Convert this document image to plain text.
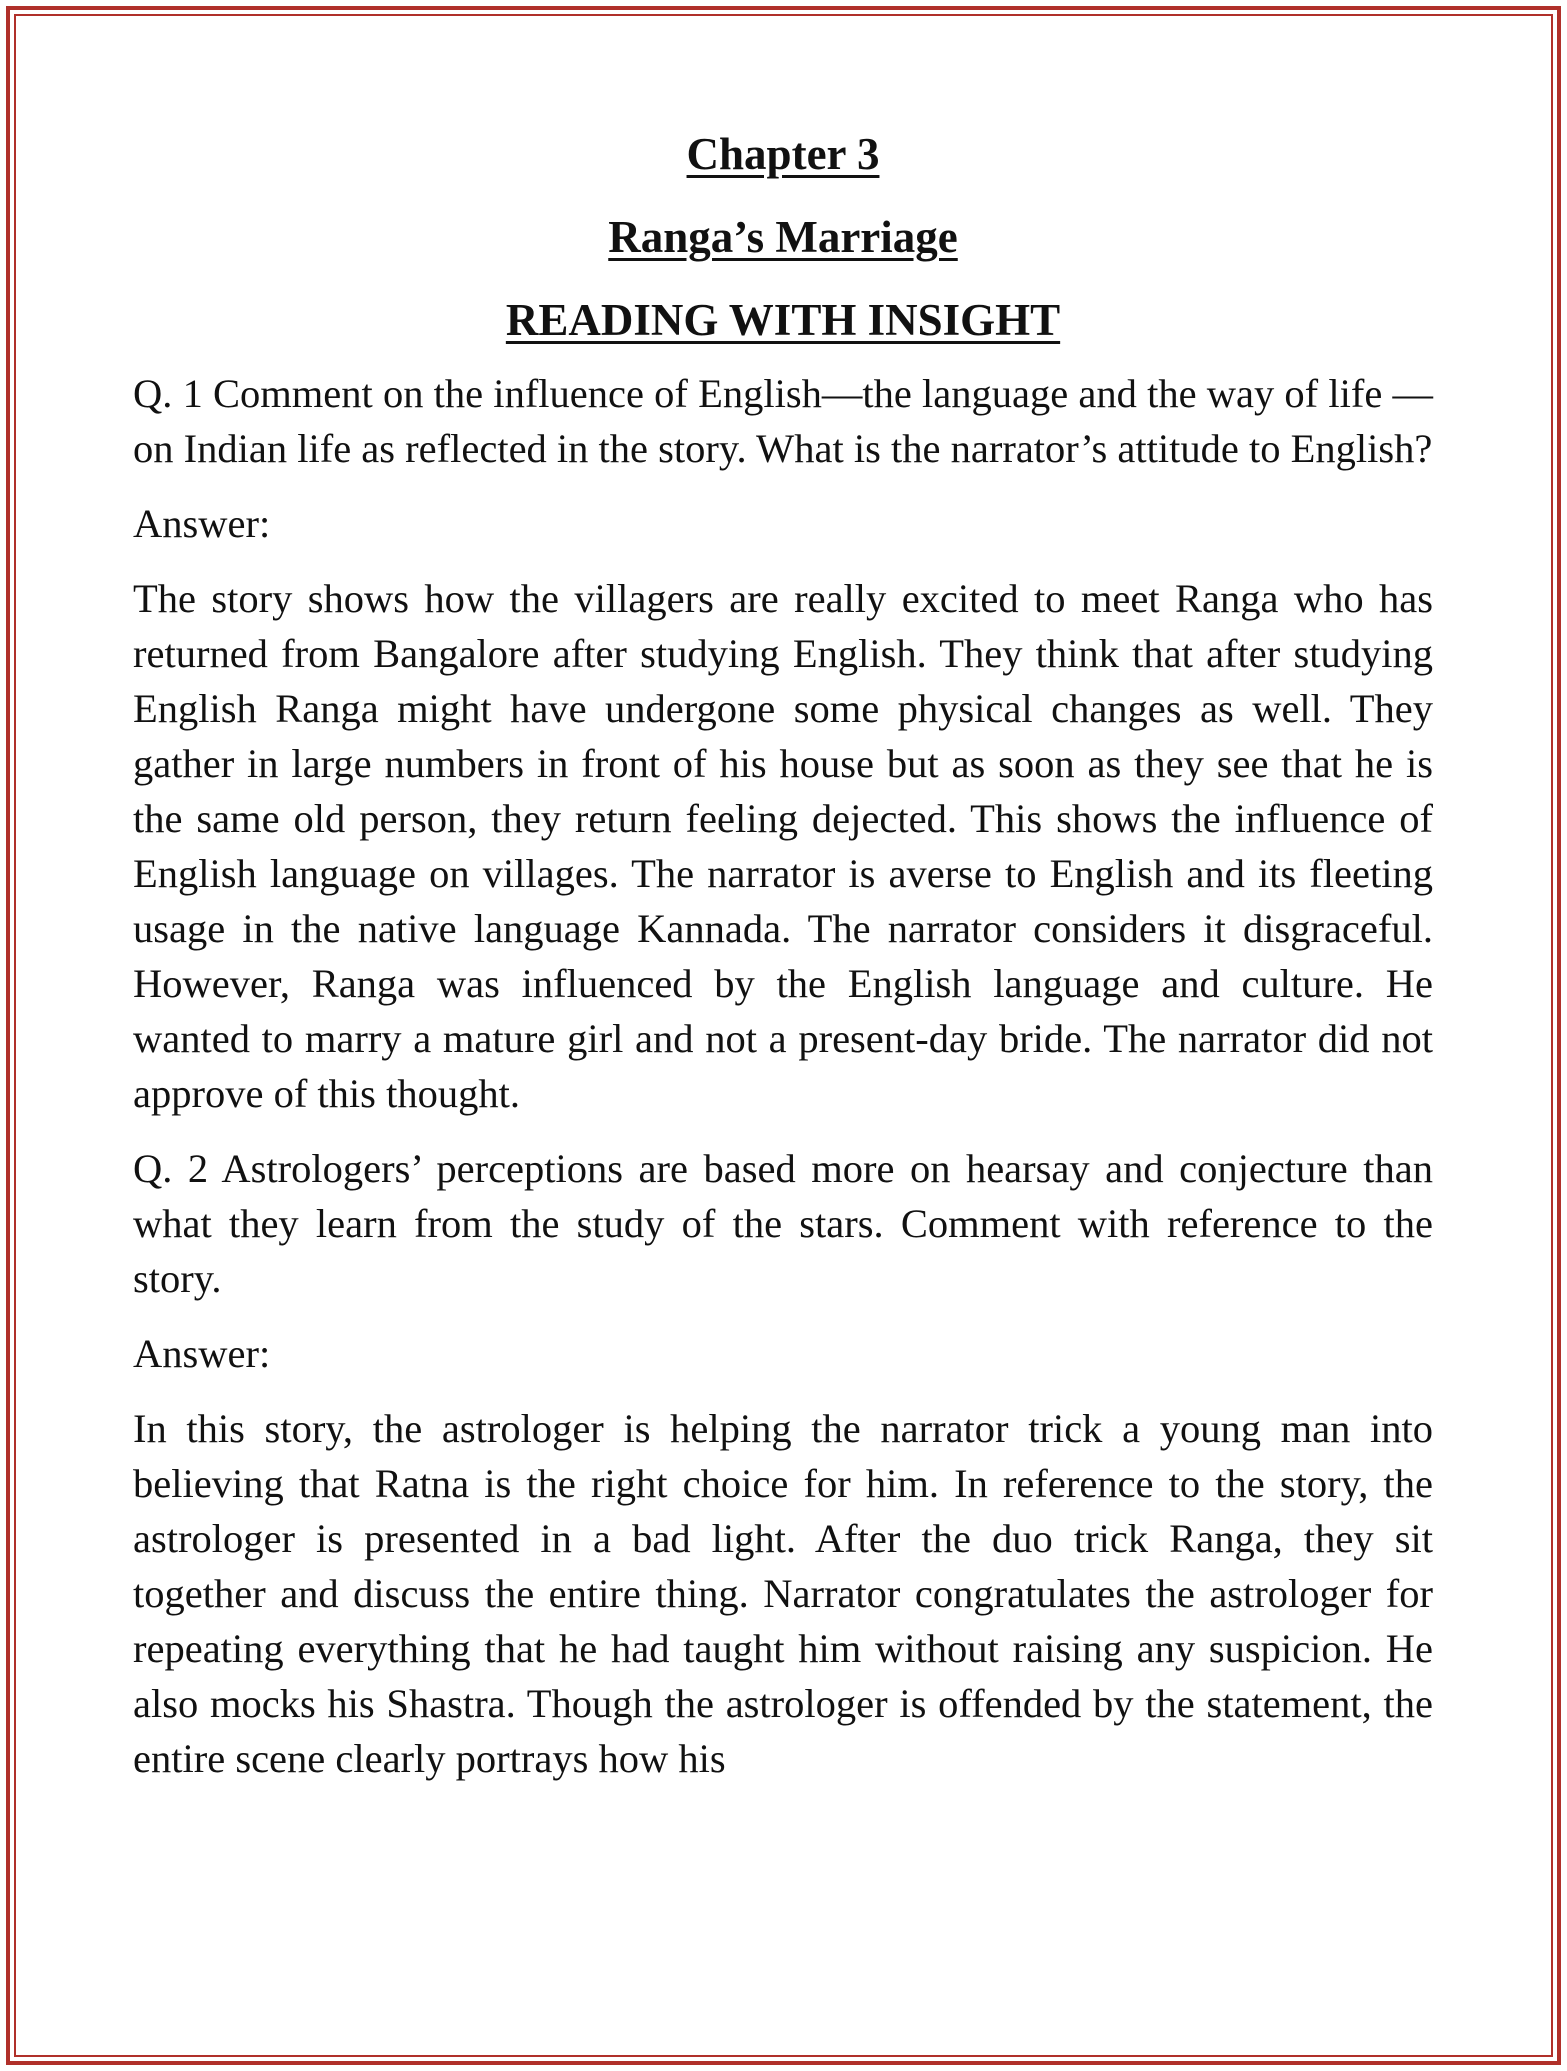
Chapter 3
Ranga’s Marriage
READING WITH INSIGHT

Q. 1 Comment on the influence of English—the language and the way of life —on Indian life as reflected in the story. What is the narrator’s attitude to English?

Answer:

The story shows how the villagers are really excited to meet Ranga who has returned from Bangalore after studying English. They think that after studying English Ranga might have undergone some physical changes as well. They gather in large numbers in front of his house but as soon as they see that he is the same old person, they return feeling dejected. This shows the influence of English language on villages. The narrator is averse to English and its fleeting usage in the native language Kannada. The narrator considers it disgraceful. However, Ranga was influenced by the English language and culture. He wanted to marry a mature girl and not a present-day bride. The narrator did not approve of this thought.

Q. 2 Astrologers’ perceptions are based more on hearsay and conjecture than what they learn from the study of the stars. Comment with reference to the story.

Answer:

In this story, the astrologer is helping the narrator trick a young man into believing that Ratna is the right choice for him. In reference to the story, the astrologer is presented in a bad light. After the duo trick Ranga, they sit together and discuss the entire thing. Narrator congratulates the astrologer for repeating everything that he had taught him without raising any suspicion. He also mocks his Shastra. Though the astrologer is offended by the statement, the entire scene clearly portrays how his
